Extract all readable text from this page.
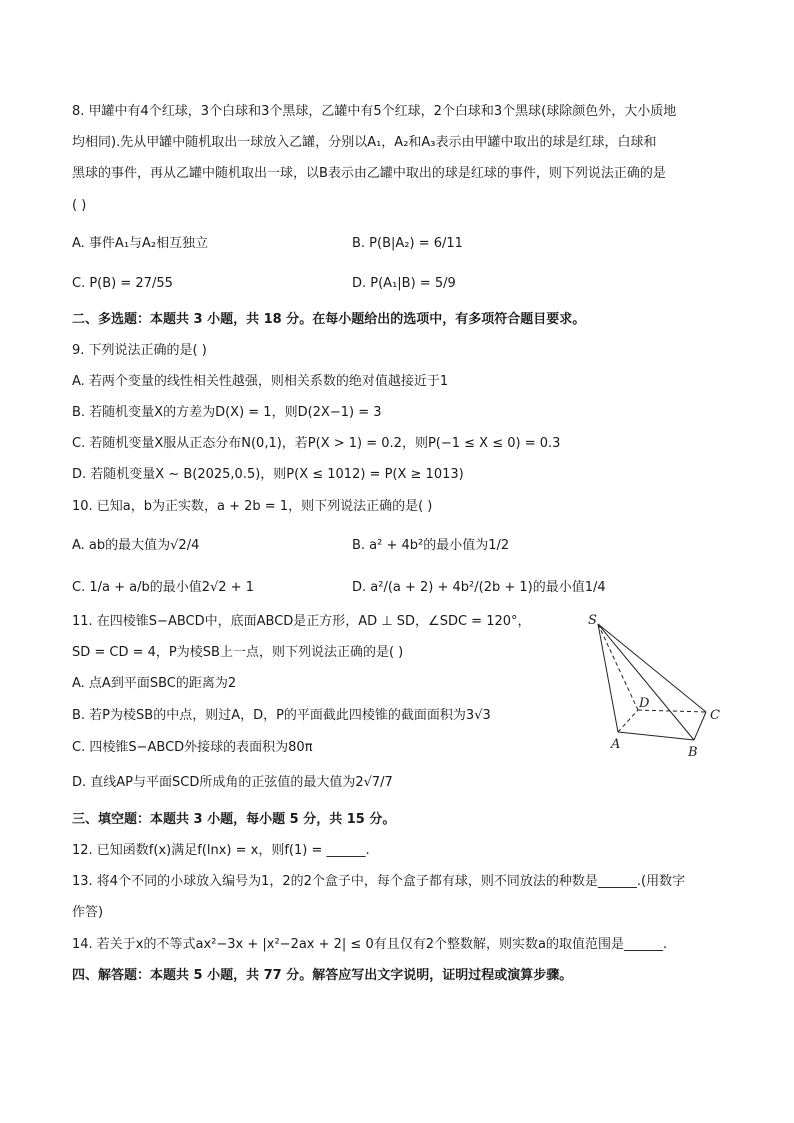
8. 甲罐中有4个红球，3个白球和3个黑球，乙罐中有5个红球，2个白球和3个黑球(球除颜色外，大小质地
均相同).先从甲罐中随机取出一球放入乙罐，分别以A₁，A₂和A₃表示由甲罐中取出的球是红球，白球和
黑球的事件，再从乙罐中随机取出一球，以B表示由乙罐中取出的球是红球的事件，则下列说法正确的是
( )
A. 事件A₁与A₂相互独立	B. P(B|A₂) = 6/11
C. P(B) = 27/55	D. P(A₁|B) = 5/9
二、多选题：本题共 3 小题，共 18 分。在每小题给出的选项中，有多项符合题目要求。
9. 下列说法正确的是( )
A. 若两个变量的线性相关性越强，则相关系数的绝对值越接近于1
B. 若随机变量X的方差为D(X) = 1，则D(2X−1) = 3
C. 若随机变量X服从正态分布N(0,1)，若P(X > 1) = 0.2，则P(−1 ≤ X ≤ 0) = 0.3
D. 若随机变量X ~ B(2025,0.5)，则P(X ≤ 1012) = P(X ≥ 1013)
10. 已知a，b为正实数，a + 2b = 1，则下列说法正确的是( )
A. ab的最大值为√2/4	B. a² + 4b²的最小值为1/2
C. 1/a + a/b的最小值2√2 + 1	D. a²/(a + 2) + 4b²/(2b + 1)的最小值1/4
11. 在四棱锥S−ABCD中，底面ABCD是正方形，AD ⊥ SD，∠SDC = 120°，
SD = CD = 4，P为棱SB上一点，则下列说法正确的是( )
A. 点A到平面SBC的距离为2
B. 若P为棱SB的中点，则过A，D，P的平面截此四棱锥的截面面积为3√3
C. 四棱锥S−ABCD外接球的表面积为80π
D. 直线AP与平面SCD所成角的正弦值的最大值为2√7/7
S
D
C
A
B
三、填空题：本题共 3 小题，每小题 5 分，共 15 分。
12. 已知函数f(x)满足f(lnx) = x，则f(1) = ______.
13. 将4个不同的小球放入编号为1，2的2个盒子中，每个盒子都有球，则不同放法的种数是______.(用数字
作答)
14. 若关于x的不等式ax²−3x + |x²−2ax + 2| ≤ 0有且仅有2个整数解，则实数a的取值范围是______.
四、解答题：本题共 5 小题，共 77 分。解答应写出文字说明，证明过程或演算步骤。
